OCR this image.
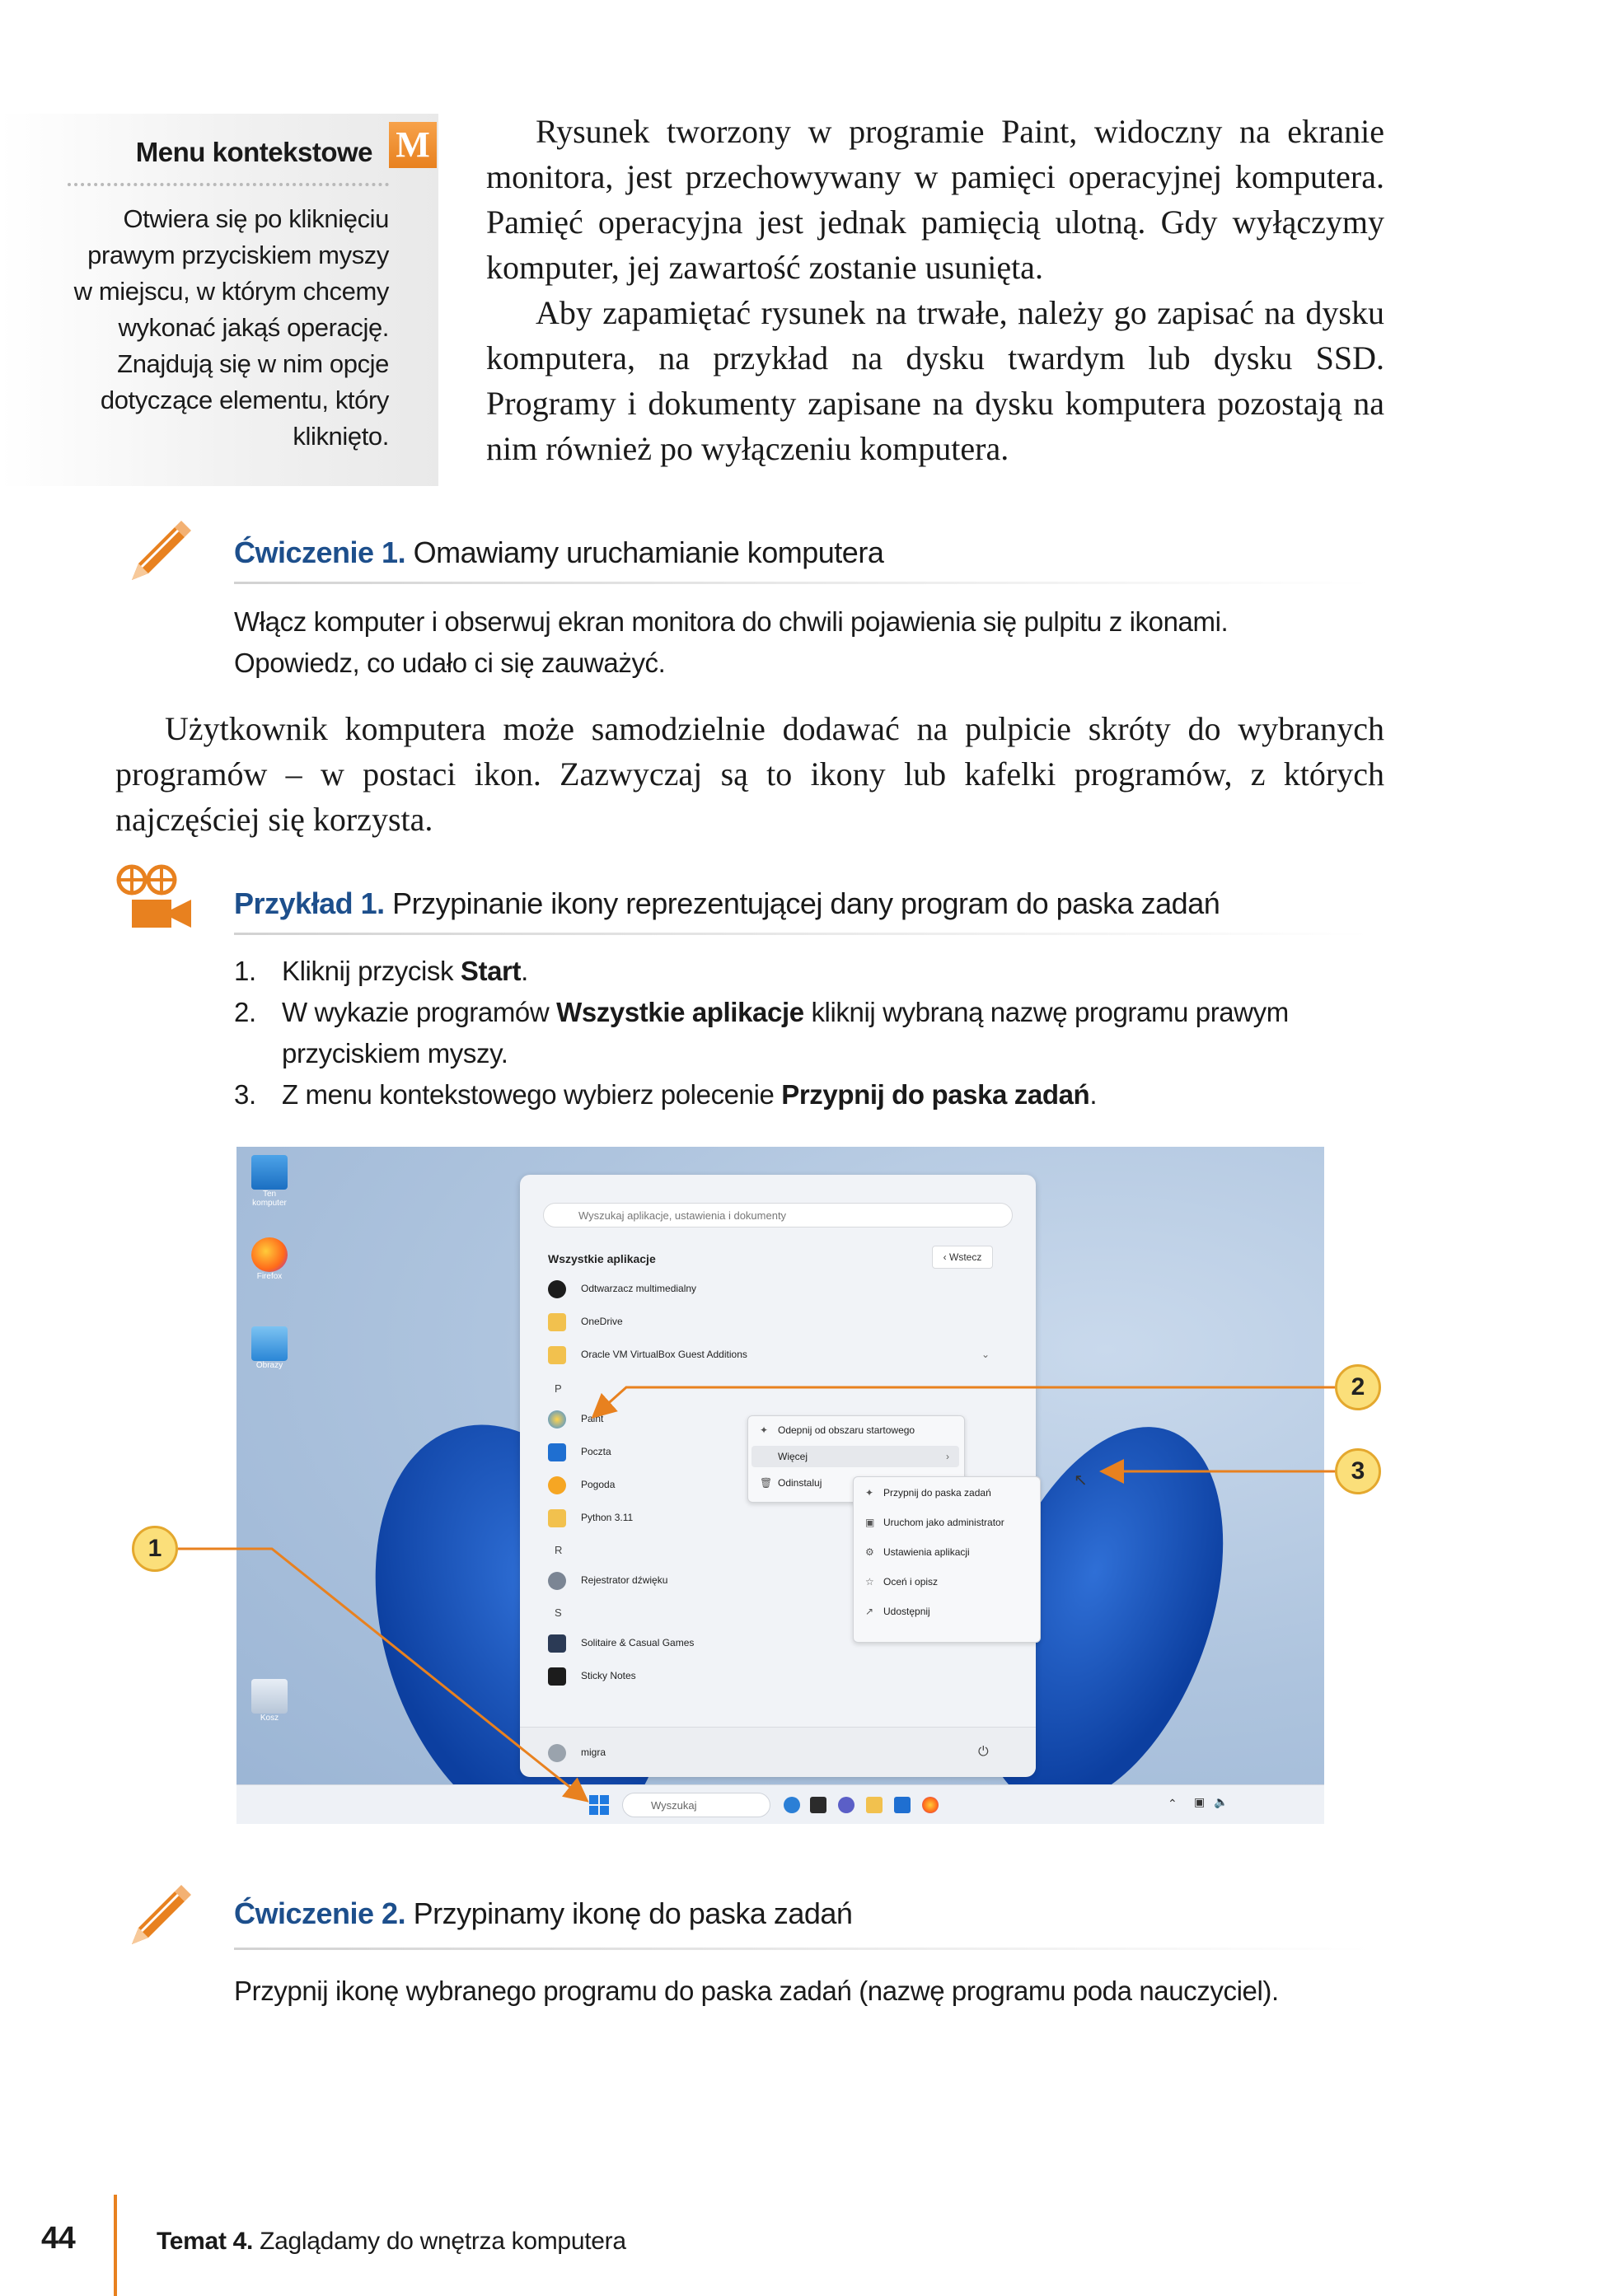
Menu kontekstowe M
Otwiera się po kliknięciu
prawym przyciskiem myszy
w miejscu, w którym chcemy
wykonać jakąś operację.
Znajdują się w nim opcje
dotyczące elementu, który
kliknięto.

Rysunek tworzony w programie Paint, widoczny na ekranie monitora, jest przechowywany w pamięci operacyjnej komputera. Pamięć operacyjna jest jednak pamięcią ulotną. Gdy wyłączymy komputer, jej zawartość zostanie usunięta.

Aby zapamiętać rysunek na trwałe, należy go zapisać na dysku komputera, na przykład na dysku twardym lub dysku SSD. Programy i dokumenty zapisane na dysku komputera pozostają na nim również po wyłączeniu komputera.

Ćwiczenie 1. Omawiamy uruchamianie komputera
Włącz komputer i obserwuj ekran monitora do chwili pojawienia się pulpitu z ikonami.
Opowiedz, co udało ci się zauważyć.

Użytkownik komputera może samodzielnie dodawać na pulpicie skróty do wybranych programów – w postaci ikon. Zazwyczaj są to ikony lub kafelki programów, z których najczęściej się korzysta.

Przykład 1. Przypinanie ikony reprezentującej dany program do paska zadań
1. Kliknij przycisk Start.
2. W wykazie programów Wszystkie aplikacje kliknij wybraną nazwę programu prawym
przyciskiem myszy.
3. Z menu kontekstowego wybierz polecenie Przypnij do paska zadań.
Ten komputer
Firefox
Obrazy
Kosz
Wyszukaj aplikacje, ustawienia i dokumenty
Wszystkie aplikacje	‹ Wstecz
Odtwarzacz multimedialny
OneDrive
Oracle VM VirtualBox Guest Additions	⌄
P
Paint
Poczta
Pogoda
Python 3.11
R
Rejestrator dźwięku
S
Solitaire & Casual Games
Sticky Notes
migra	⏻
✦ Odepnij od obszaru startowego
Więcej	›
🗑 Odinstaluj
✦ Przypnij do paska zadań
▣ Uruchom jako administrator
⚙ Ustawienia aplikacji
☆ Oceń i opisz
↗ Udostępnij
↖
Wyszukaj	⌃ ▣ 🔈
1
2
3
Ćwiczenie 2. Przypinamy ikonę do paska zadań
Przypnij ikonę wybranego programu do paska zadań (nazwę programu poda nauczyciel).
44	Temat 4. Zaglądamy do wnętrza komputera
